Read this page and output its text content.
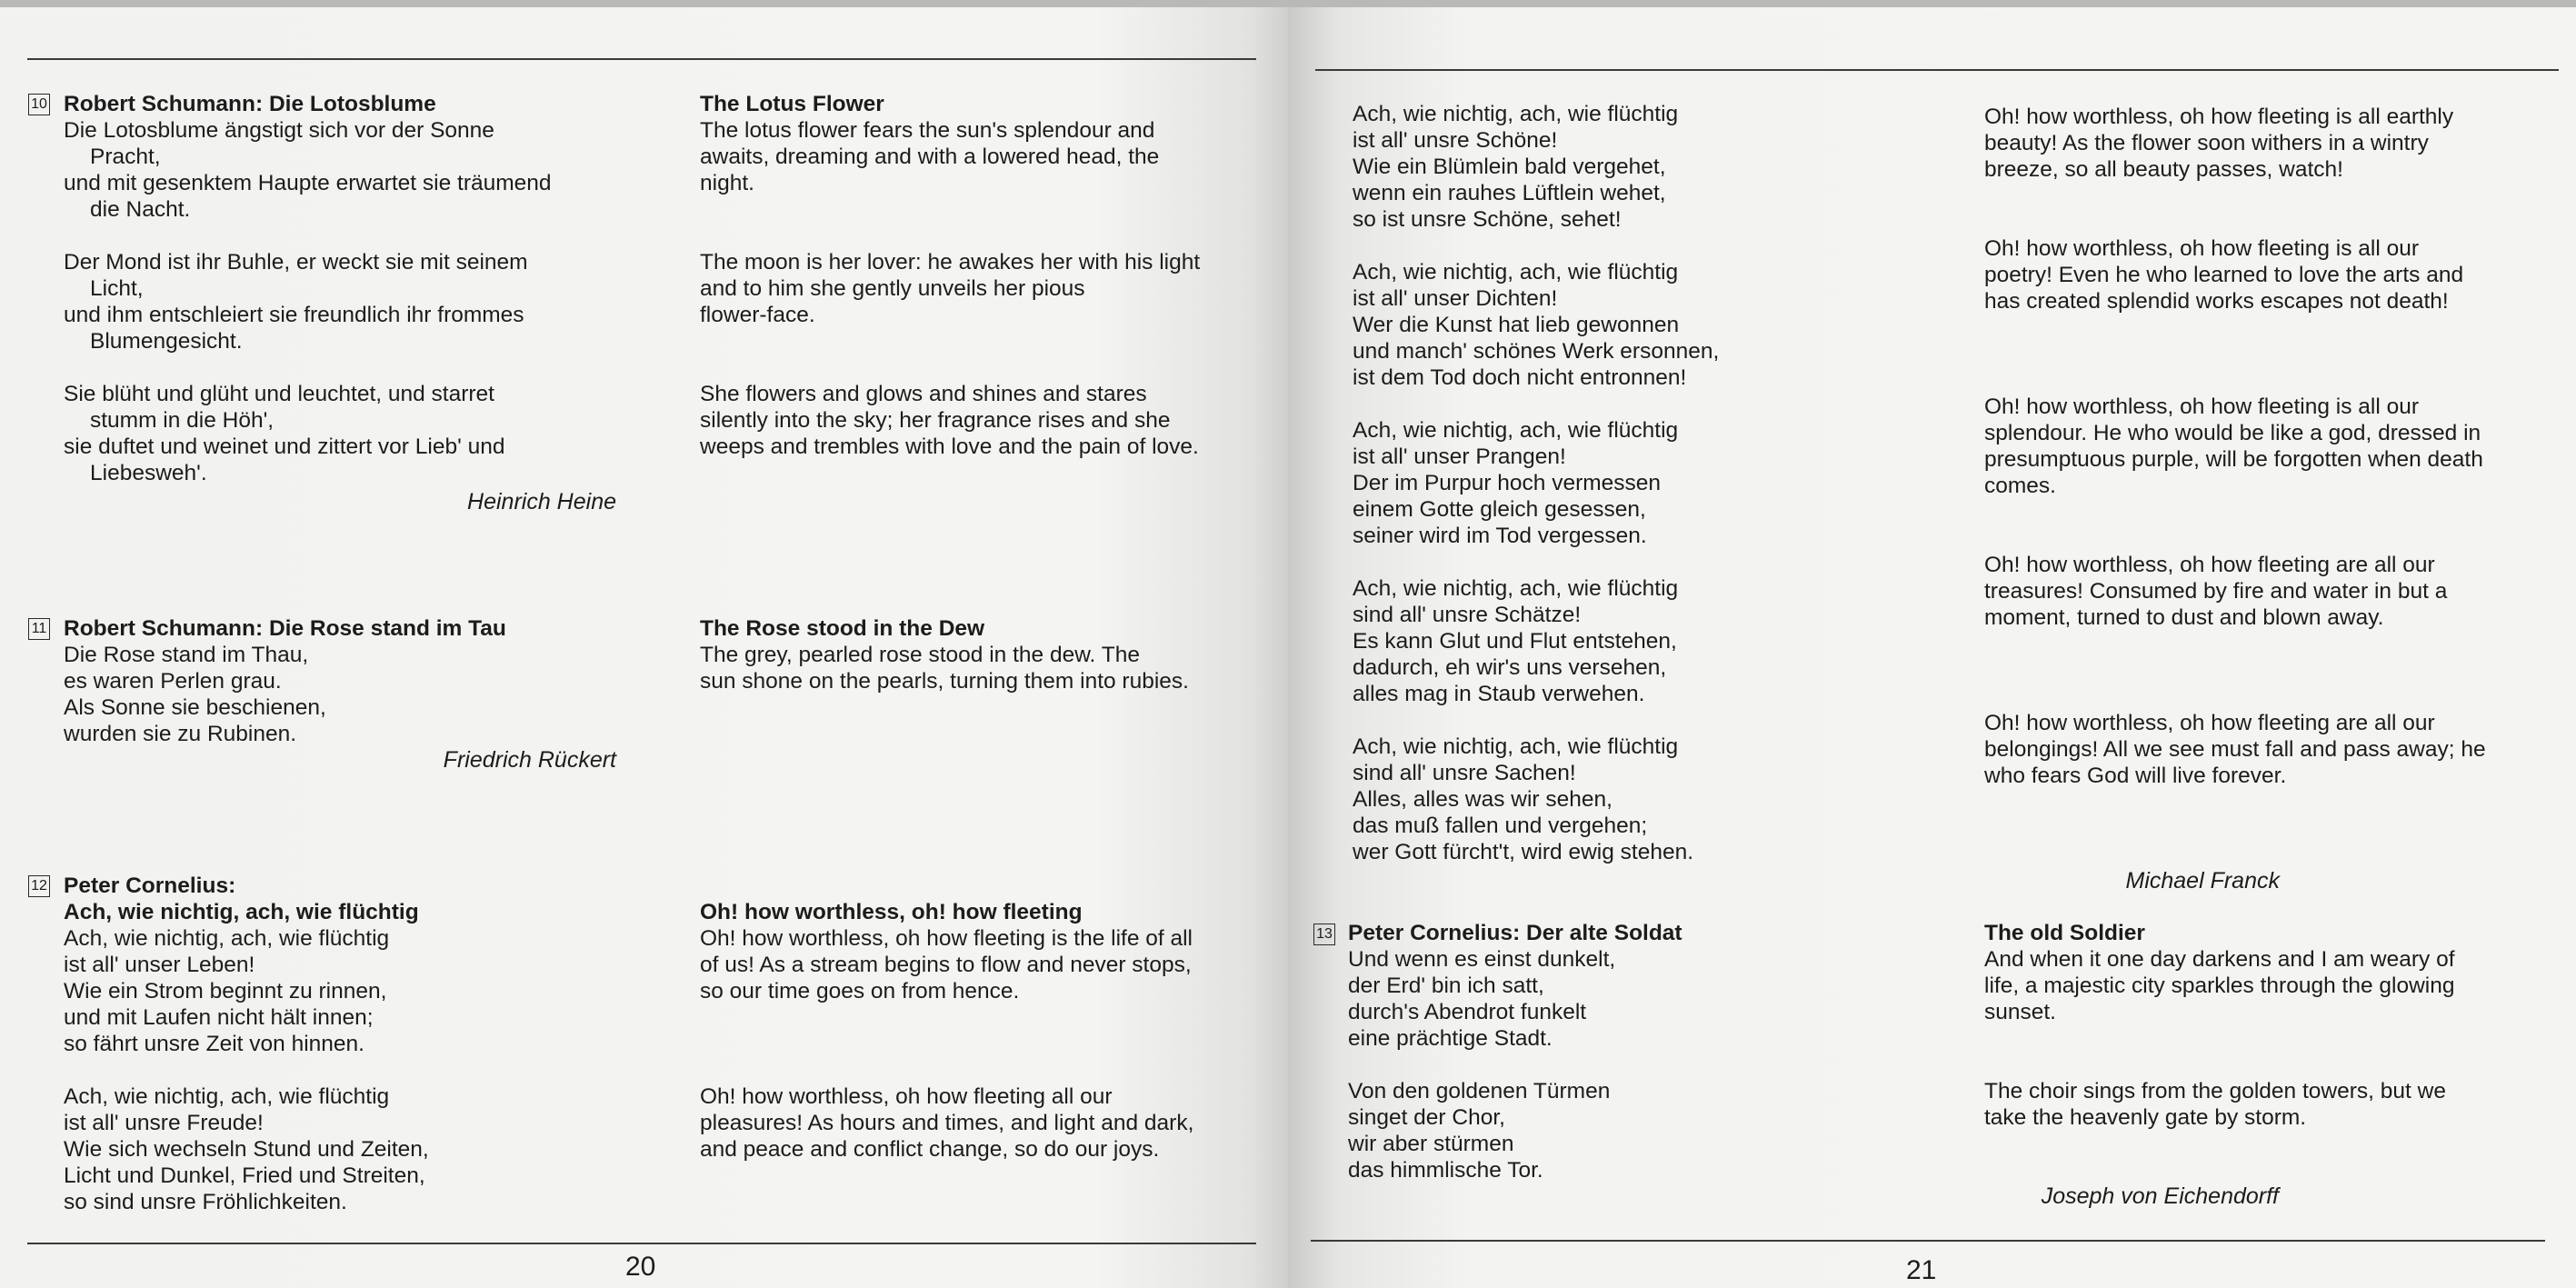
10 Robert Schumann: Die Lotosblume
Die Lotosblume ängstigt sich vor der Sonne
Pracht,
und mit gesenktem Haupte erwartet sie träumend
die Nacht.
Der Mond ist ihr Buhle, er weckt sie mit seinem
Licht,
und ihm entschleiert sie freundlich ihr frommes
Blumengesicht.
Sie blüht und glüht und leuchtet, und starret
stumm in die Höh',
sie duftet und weinet und zittert vor Lieb' und
Liebesweh'.
Heinrich Heine
The Lotus Flower
The lotus flower fears the sun's splendour and
awaits, dreaming and with a lowered head, the
night.
The moon is her lover: he awakes her with his light
and to him she gently unveils her pious
flower-face.
She flowers and glows and shines and stares
silently into the sky; her fragrance rises and she
weeps and trembles with love and the pain of love.
11 Robert Schumann: Die Rose stand im Tau
Die Rose stand im Thau,
es waren Perlen grau.
Als Sonne sie beschienen,
wurden sie zu Rubinen.
Friedrich Rückert
The Rose stood in the Dew
The grey, pearled rose stood in the dew. The
sun shone on the pearls, turning them into rubies.
12 Peter Cornelius:
Ach, wie nichtig, ach, wie flüchtig
Ach, wie nichtig, ach, wie flüchtig
ist all' unser Leben!
Wie ein Strom beginnt zu rinnen,
und mit Laufen nicht hält innen;
so fährt unsre Zeit von hinnen.
Ach, wie nichtig, ach, wie flüchtig
ist all' unsre Freude!
Wie sich wechseln Stund und Zeiten,
Licht und Dunkel, Fried und Streiten,
so sind unsre Fröhlichkeiten.
Oh! how worthless, oh! how fleeting
Oh! how worthless, oh how fleeting is the life of all
of us! As a stream begins to flow and never stops,
so our time goes on from hence.
Oh! how worthless, oh how fleeting all our
pleasures! As hours and times, and light and dark,
and peace and conflict change, so do our joys.
20
Ach, wie nichtig, ach, wie flüchtig
ist all' unsre Schöne!
Wie ein Blümlein bald vergehet,
wenn ein rauhes Lüftlein wehet,
so ist unsre Schöne, sehet!
Ach, wie nichtig, ach, wie flüchtig
ist all' unser Dichten!
Wer die Kunst hat lieb gewonnen
und manch' schönes Werk ersonnen,
ist dem Tod doch nicht entronnen!
Ach, wie nichtig, ach, wie flüchtig
ist all' unser Prangen!
Der im Purpur hoch vermessen
einem Gotte gleich gesessen,
seiner wird im Tod vergessen.
Ach, wie nichtig, ach, wie flüchtig
sind all' unsre Schätze!
Es kann Glut und Flut entstehen,
dadurch, eh wir's uns versehen,
alles mag in Staub verwehen.
Ach, wie nichtig, ach, wie flüchtig
sind all' unsre Sachen!
Alles, alles was wir sehen,
das muß fallen und vergehen;
wer Gott fürcht't, wird ewig stehen.
Michael Franck
Oh! how worthless, oh how fleeting is all earthly
beauty! As the flower soon withers in a wintry
breeze, so all beauty passes, watch!
Oh! how worthless, oh how fleeting is all our
poetry! Even he who learned to love the arts and
has created splendid works escapes not death!
Oh! how worthless, oh how fleeting is all our
splendour. He who would be like a god, dressed in
presumptuous purple, will be forgotten when death
comes.
Oh! how worthless, oh how fleeting are all our
treasures! Consumed by fire and water in but a
moment, turned to dust and blown away.
Oh! how worthless, oh how fleeting are all our
belongings! All we see must fall and pass away; he
who fears God will live forever.
13 Peter Cornelius: Der alte Soldat
Und wenn es einst dunkelt,
der Erd' bin ich satt,
durch's Abendrot funkelt
eine prächtige Stadt.
Von den goldenen Türmen
singet der Chor,
wir aber stürmen
das himmlische Tor.
Joseph von Eichendorff
The old Soldier
And when it one day darkens and I am weary of
life, a majestic city sparkles through the glowing
sunset.
The choir sings from the golden towers, but we
take the heavenly gate by storm.
21
